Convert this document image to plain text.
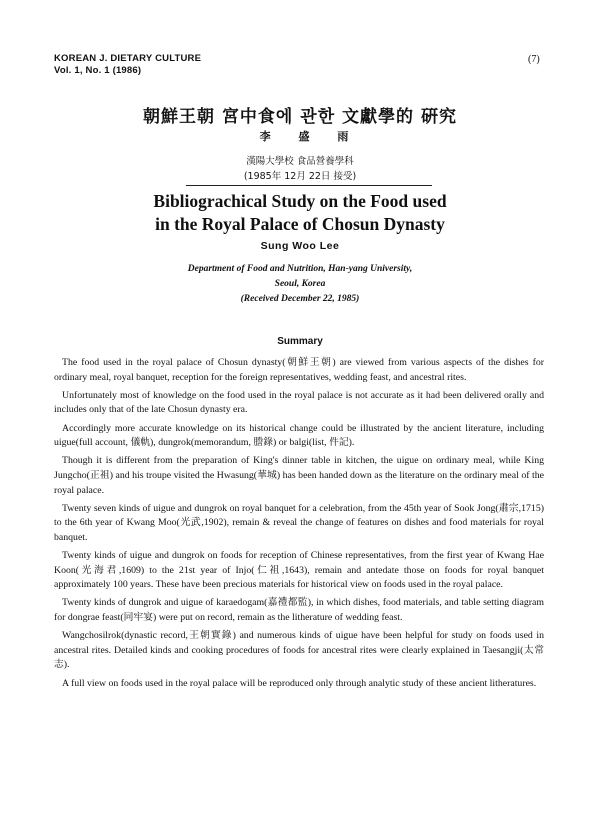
KOREAN J. DIETARY CULTURE
Vol. 1, No. 1 (1986)
(7)
朝鮮王朝 宮中食에 관한 文獻學的 硏究
李 盛 雨
漢陽大學校 食品營養學科
(1985年 12月 22日 接受)
Bibliograchical Study on the Food used
in the Royal Palace of Chosun Dynasty
Sung Woo Lee
Department of Food and Nutrition, Han-yang University,
Seoul, Korea
(Received December 22, 1985)
Summary

The food used in the royal palace of Chosun dynasty(朝鮮王朝) are viewed from various aspects of the dishes for ordinary meal, royal banquet, reception for the foreign representatives, wedding feast, and ancestral rites.

Unfortunately most of knowledge on the food used in the royal palace is not accurate as it had been delivered orally and includes only that of the late Chosun dynasty era.

Accordingly more accurate knowledge on its historical change could be illustrated by the ancient literature, including uigue(full account, 儀軌), dungrok(memorandum, 謄錄) or balgi(list, 件記).

Though it is different from the preparation of King's dinner table in kitchen, the uigue on ordinary meal, while King Jungcho(正祖) and his troupe visited the Hwasung(華城) has been handed down as the literature on the ordinary meal of the royal palace.

Twenty seven kinds of uigue and dungrok on royal banquet for a celebration, from the 45th year of Sook Jong(肅宗,1715) to the 6th year of Kwang Moo(光武,1902), remain & reveal the change of features on dishes and food materials for royal banquet.

Twenty kinds of uigue and dungrok on foods for reception of Chinese representatives, from the first year of Kwang Hae Koon(光海君,1609) to the 21st year of Injo(仁祖,1643), remain and antedate those on foods for royal banquet approximately 100 years. These have been precious materials for historical view on foods used in the royal palace.

Twenty kinds of dungrok and uigue of karaedogam(嘉禮都監), in which dishes, food materials, and table setting diagram for dongrae feast(同牢宴) were put on record, remain as the litherature of wedding feast.

Wangchosilrok(dynastic record,王朝實錄) and numerous kinds of uigue have been helpful for study on foods used in ancestral rites. Detailed kinds and cooking procedures of foods for ancestral rites were clearly explained in Taesangji(太常志).

A full view on foods used in the royal palace will be reproduced only through analytic study of these ancient litheratures.
